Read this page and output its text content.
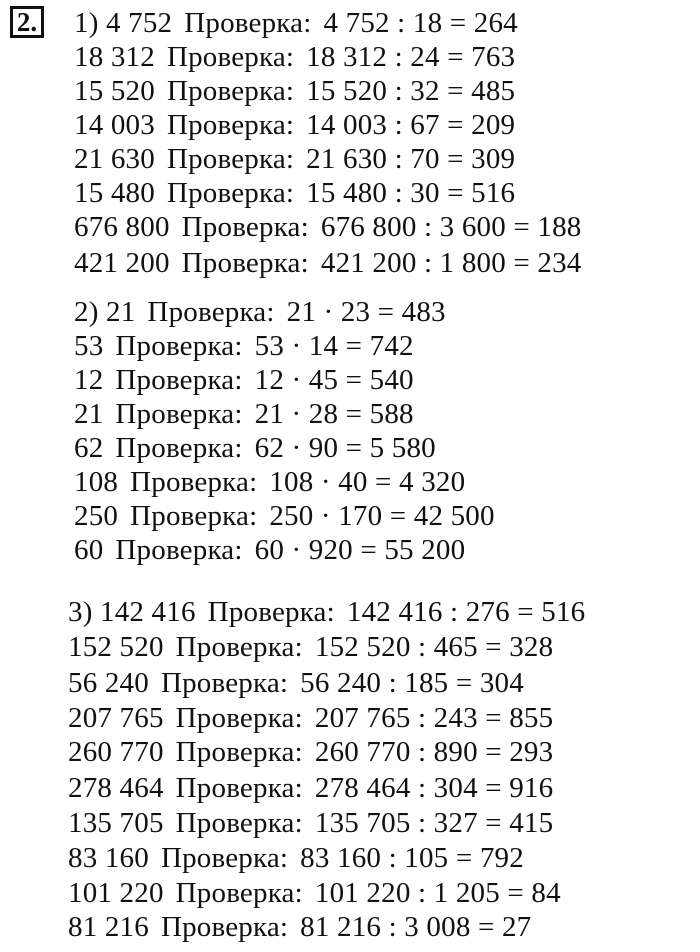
2. 1) 4 752 Проверка: 4 752 : 18 = 264
18 312 Проверка: 18 312 : 24 = 763
15 520 Проверка: 15 520 : 32 = 485
14 003 Проверка: 14 003 : 67 = 209
21 630 Проверка: 21 630 : 70 = 309
15 480 Проверка: 15 480 : 30 = 516
676 800 Проверка: 676 800 : 3 600 = 188
421 200 Проверка: 421 200 : 1 800 = 234
2) 21 Проверка: 21 · 23 = 483
53 Проверка: 53 · 14 = 742
12 Проверка: 12 · 45 = 540
21 Проверка: 21 · 28 = 588
62 Проверка: 62 · 90 = 5 580
108 Проверка: 108 · 40 = 4 320
250 Проверка: 250 · 170 = 42 500
60 Проверка: 60 · 920 = 55 200
3) 142 416 Проверка: 142 416 : 276 = 516
152 520 Проверка: 152 520 : 465 = 328
56 240 Проверка: 56 240 : 185 = 304
207 765 Проверка: 207 765 : 243 = 855
260 770 Проверка: 260 770 : 890 = 293
278 464 Проверка: 278 464 : 304 = 916
135 705 Проверка: 135 705 : 327 = 415
83 160 Проверка: 83 160 : 105 = 792
101 220 Проверка: 101 220 : 1 205 = 84
81 216 Проверка: 81 216 : 3 008 = 27
